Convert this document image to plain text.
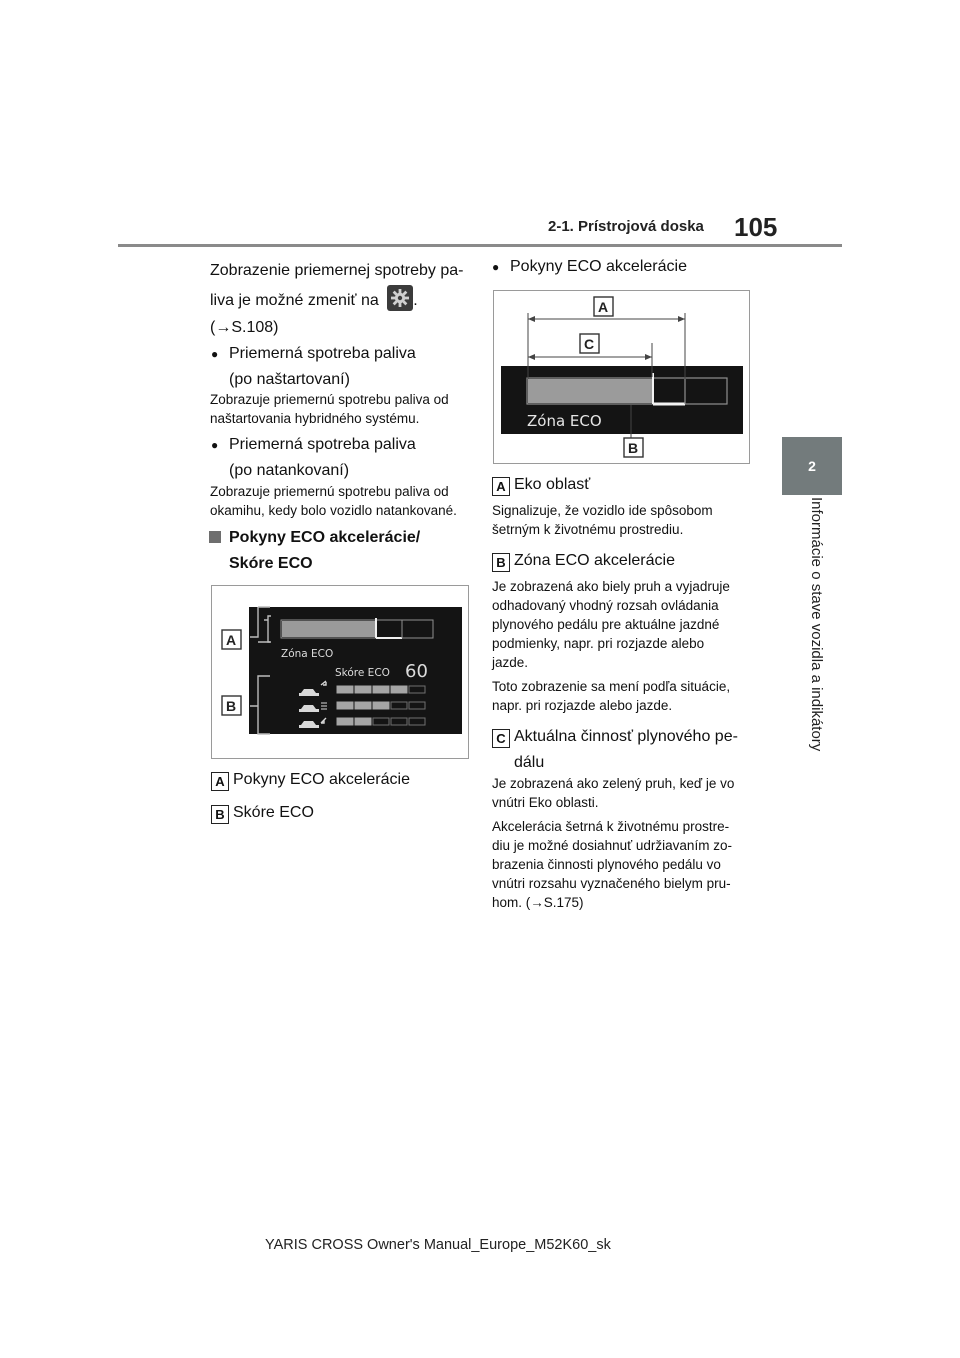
2-1. Prístrojová doska 105
2
Informácie o stave vozidla a indikátory
Zobrazenie priemernej spotreby pa-
liva je možné zmeniť na .
(→S.108)
● Priemerná spotreba paliva
(po naštartovaní)
Zobrazuje priemernú spotrebu paliva od
naštartovania hybridného systému.
● Priemerná spotreba paliva
(po natankovaní)
Zobrazuje priemernú spotrebu paliva od
okamihu, kedy bolo vozidlo natankované.
Pokyny ECO akcelerácie/
Skóre ECO
Zóna ECO
Skóre ECO 60
A
B
A Pokyny ECO akcelerácie
B Skóre ECO
● Pokyny ECO akcelerácie
Zóna ECO
A
C
B
A Eko oblasť
Signalizuje, že vozidlo ide spôsobom
šetrným k životnému prostrediu.
B Zóna ECO akcelerácie
Je zobrazená ako biely pruh a vyjadruje
odhadovaný vhodný rozsah ovládania
plynového pedálu pre aktuálne jazdné
podmienky, napr. pri rozjazde alebo
jazde.
Toto zobrazenie sa mení podľa situácie,
napr. pri rozjazde alebo jazde.
C Aktuálna činnosť plynového pe-
dálu
Je zobrazená ako zelený pruh, keď je vo
vnútri Eko oblasti.
Akcelerácia šetrná k životnému prostre-
diu je možné dosiahnuť udržiavaním zo-
brazenia činnosti plynového pedálu vo
vnútri rozsahu vyznačeného bielym pru-
hom. (→S.175)
YARIS CROSS Owner's Manual_Europe_M52K60_sk
